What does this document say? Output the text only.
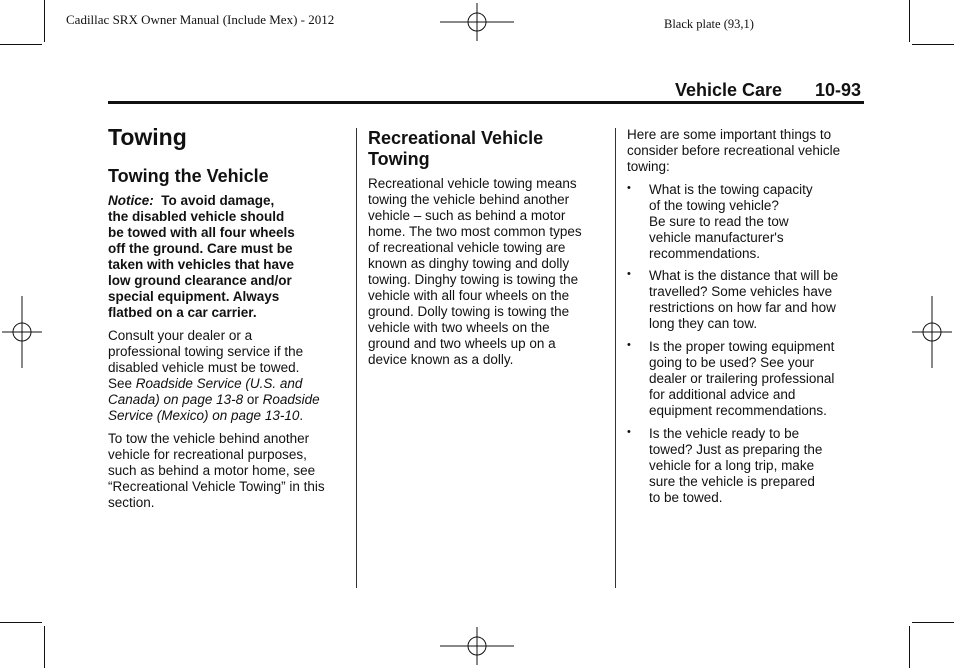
Cadillac SRX Owner Manual (Include Mex) - 2012	Black plate (93,1)
Vehicle Care 10-93
Towing
Towing the Vehicle
Notice: To avoid damage,
the disabled vehicle should
be towed with all four wheels
off the ground. Care must be
taken with vehicles that have
low ground clearance and/or
special equipment. Always
flatbed on a car carrier.
Consult your dealer or a
professional towing service if the
disabled vehicle must be towed.
See Roadside Service (U.S. and Canada) on page 13-8 or Roadside Service (Mexico) on page 13-10.
To tow the vehicle behind another
vehicle for recreational purposes,
such as behind a motor home, see
“Recreational Vehicle Towing” in this
section.
Recreational Vehicle
Towing
Recreational vehicle towing means
towing the vehicle behind another
vehicle – such as behind a motor
home. The two most common types
of recreational vehicle towing are
known as dinghy towing and dolly
towing. Dinghy towing is towing the
vehicle with all four wheels on the
ground. Dolly towing is towing the
vehicle with two wheels on the
ground and two wheels up on a
device known as a dolly.
Here are some important things to
consider before recreational vehicle
towing:
• What is the towing capacity
of the towing vehicle?
Be sure to read the tow
vehicle manufacturer's
recommendations.
• What is the distance that will be
travelled? Some vehicles have
restrictions on how far and how
long they can tow.
• Is the proper towing equipment
going to be used? See your
dealer or trailering professional
for additional advice and
equipment recommendations.
• Is the vehicle ready to be
towed? Just as preparing the
vehicle for a long trip, make
sure the vehicle is prepared
to be towed.
